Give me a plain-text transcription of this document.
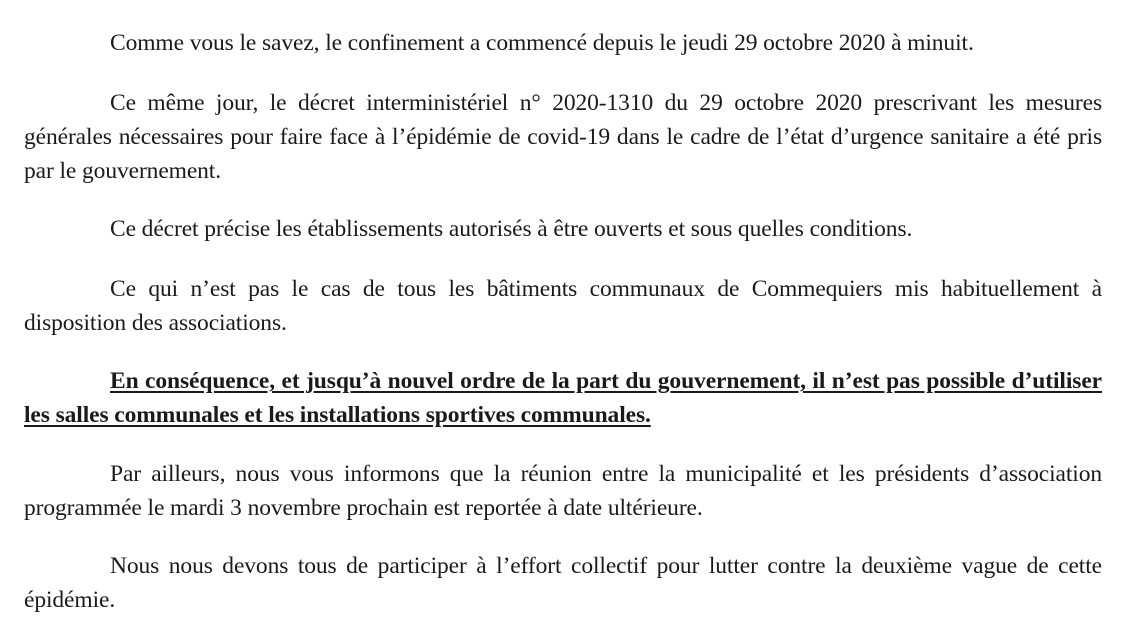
Comme vous le savez, le confinement a commencé depuis le jeudi 29 octobre 2020 à minuit.

Ce même jour, le décret interministériel n° 2020-1310 du 29 octobre 2020 prescrivant les mesures générales nécessaires pour faire face à l’épidémie de covid-19 dans le cadre de l’état d’urgence sanitaire a été pris par le gouvernement.

Ce décret précise les établissements autorisés à être ouverts et sous quelles conditions.

Ce qui n’est pas le cas de tous les bâtiments communaux de Commequiers mis habituellement à disposition des associations.

En conséquence, et jusqu’à nouvel ordre de la part du gouvernement, il n’est pas possible d’utiliser les salles communales et les installations sportives communales.

Par ailleurs, nous vous informons que la réunion entre la municipalité et les présidents d’association programmée le mardi 3 novembre prochain est reportée à date ultérieure.

Nous nous devons tous de participer à l’effort collectif pour lutter contre la deuxième vague de cette épidémie.
